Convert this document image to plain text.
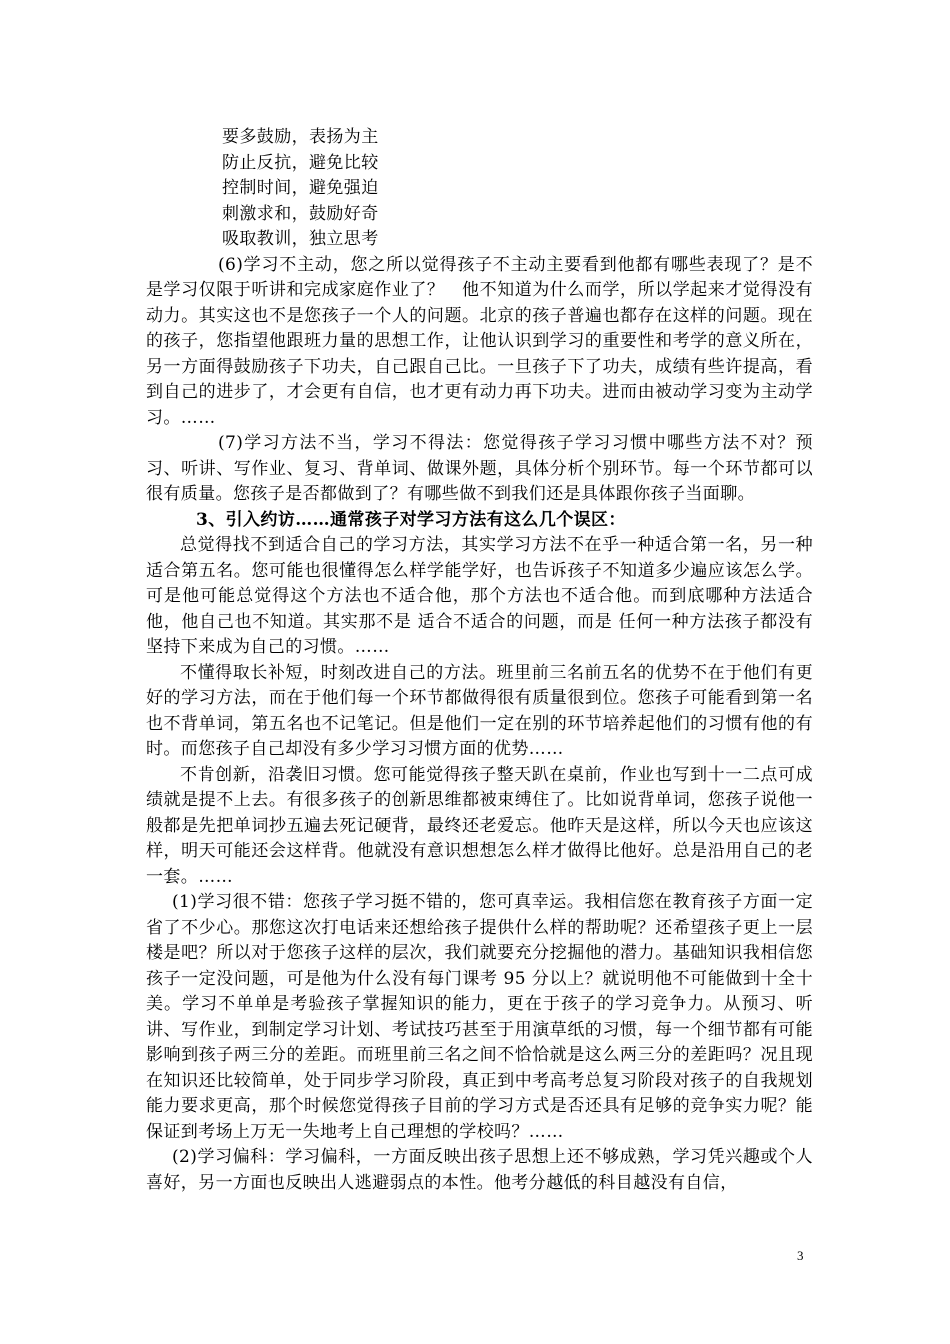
要多鼓励，表扬为主
防止反抗，避免比较
控制时间，避免强迫
刺激求和，鼓励好奇
吸取教训，独立思考

(6)学习不主动，您之所以觉得孩子不主动主要看到他都有哪些表现了？是不是学习仅限于听讲和完成家庭作业了？　他不知道为什么而学，所以学起来才觉得没有动力。其实这也不是您孩子一个人的问题。北京的孩子普遍也都存在这样的问题。现在的孩子，您指望他跟班力量的思想工作，让他认识到学习的重要性和考学的意义所在，另一方面得鼓励孩子下功夫，自己跟自己比。一旦孩子下了功夫，成绩有些许提高，看到自己的进步了，才会更有自信，也才更有动力再下功夫。进而由被动学习变为主动学习。……

(7)学习方法不当，学习不得法：您觉得孩子学习习惯中哪些方法不对？预习、听讲、写作业、复习、背单词、做课外题，具体分析个别环节。每一个环节都可以很有质量。您孩子是否都做到了？有哪些做不到我们还是具体跟你孩子当面聊。

3、引入约访……通常孩子对学习方法有这么几个误区：

总觉得找不到适合自己的学习方法，其实学习方法不在乎一种适合第一名，另一种适合第五名。您可能也很懂得怎么样学能学好，也告诉孩子不知道多少遍应该怎么学。可是他可能总觉得这个方法也不适合他，那个方法也不适合他。而到底哪种方法适合他，他自己也不知道。其实那不是 适合不适合的问题，而是 任何一种方法孩子都没有坚持下来成为自己的习惯。……

不懂得取长补短，时刻改进自己的方法。班里前三名前五名的优势不在于他们有更好的学习方法，而在于他们每一个环节都做得很有质量很到位。您孩子可能看到第一名也不背单词，第五名也不记笔记。但是他们一定在别的环节培养起他们的习惯有他的有时。而您孩子自己却没有多少学习习惯方面的优势……

不肯创新，沿袭旧习惯。您可能觉得孩子整天趴在桌前，作业也写到十一二点可成绩就是提不上去。有很多孩子的创新思维都被束缚住了。比如说背单词，您孩子说他一般都是先把单词抄五遍去死记硬背，最终还老爱忘。他昨天是这样，所以今天也应该这样，明天可能还会这样背。他就没有意识想想怎么样才做得比他好。总是沿用自己的老一套。……

(1)学习很不错：您孩子学习挺不错的，您可真幸运。我相信您在教育孩子方面一定省了不少心。那您这次打电话来还想给孩子提供什么样的帮助呢？还希望孩子更上一层楼是吧？所以对于您孩子这样的层次，我们就要充分挖掘他的潜力。基础知识我相信您孩子一定没问题，可是他为什么没有每门课考 95 分以上？就说明他不可能做到十全十美。学习不单单是考验孩子掌握知识的能力，更在于孩子的学习竞争力。从预习、听讲、写作业，到制定学习计划、考试技巧甚至于用演草纸的习惯，每一个细节都有可能影响到孩子两三分的差距。而班里前三名之间不恰恰就是这么两三分的差距吗？况且现在知识还比较简单，处于同步学习阶段，真正到中考高考总复习阶段对孩子的自我规划能力要求更高，那个时候您觉得孩子目前的学习方式是否还具有足够的竞争实力呢？能保证到考场上万无一失地考上自己理想的学校吗？……

(2)学习偏科：学习偏科，一方面反映出孩子思想上还不够成熟，学习凭兴趣或个人喜好，另一方面也反映出人逃避弱点的本性。他考分越低的科目越没有自信，

3
